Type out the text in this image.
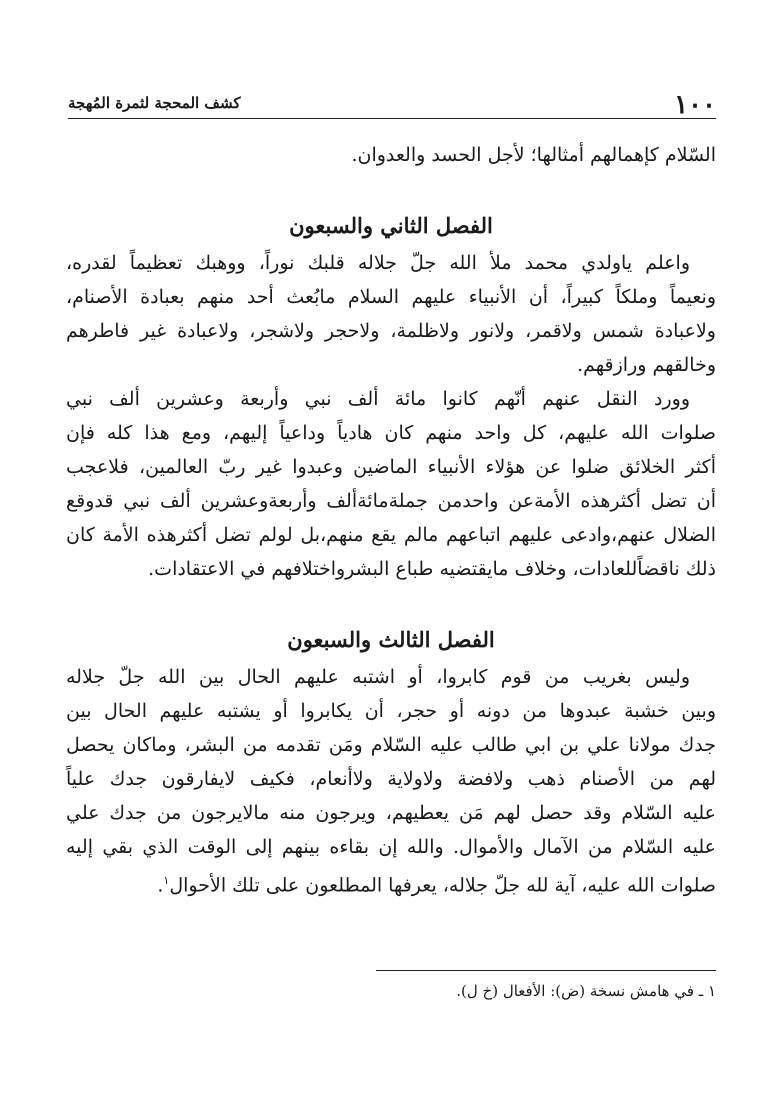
١٠٠
كشف المحجة لثمرة المُهجة
السّلام كإهمالهم أمثالها؛ لأجل الحسد والعدوان.
الفصل الثاني والسبعون
واعلم ياولدي محمد ملأ الله جلّ جلاله قلبك نوراً، ووهبك تعظيماً لقدره،
ونعيماً وملكاً كبيراً، أن الأنبياء عليهم السلام مابُعث أحد منهم بعبادة الأصنام،
ولاعبادة شمس ولاقمر، ولانور ولاظلمة، ولاحجر ولاشجر، ولاعبادة غير فاطرهم
وخالقهم ورازقهم.
وورد النقل عنهم أنّهم كانوا مائة ألف نبي وأربعة وعشرين ألف نبي
صلوات الله عليهم، كل واحد منهم كان هادياً وداعياً إليهم، ومع هذا كله فإن
أكثر الخلائق ضلوا عن هؤلاء الأنبياء الماضين وعبدوا غير ربّ العالمين، فلاعجب
أن تضل أكثرهذه الأمةعن واحدمن جملةمائةألف وأربعةوعشرين ألف نبي قدوقع
الضلال عنهم،وادعى عليهم اتباعهم مالم يقع منهم،بل لولم تضل أكثرهذه الأمة كان
ذلك ناقضاًللعادات، وخلاف مايقتضيه طباع البشرواختلافهم في الاعتقادات.
الفصل الثالث والسبعون
وليس بغريب من قوم كابروا، أو اشتبه عليهم الحال بين الله جلّ جلاله
وبين خشبة عبدوها من دونه أو حجر، أن يكابروا أو يشتبه عليهم الحال بين
جدك مولانا علي بن ابي طالب عليه السّلام ومَن تقدمه من البشر، وماكان يحصل
لهم من الأصنام ذهب ولافضة ولاولاية ولاأنعام، فكيف لايفارقون جدك علياً
عليه السّلام وقد حصل لهم مَن يعطيهم، ويرجون منه مالايرجون من جدك علي
عليه السّلام من الآمال والأموال. والله إن بقاءه بينهم إلى الوقت الذي بقي إليه
صلوات الله عليه، آية لله جلّ جلاله، يعرفها المطلعون على تلك الأحوال$^١$.
١ ـ في هامش نسخة (ض): الأفعال (خ ل).
